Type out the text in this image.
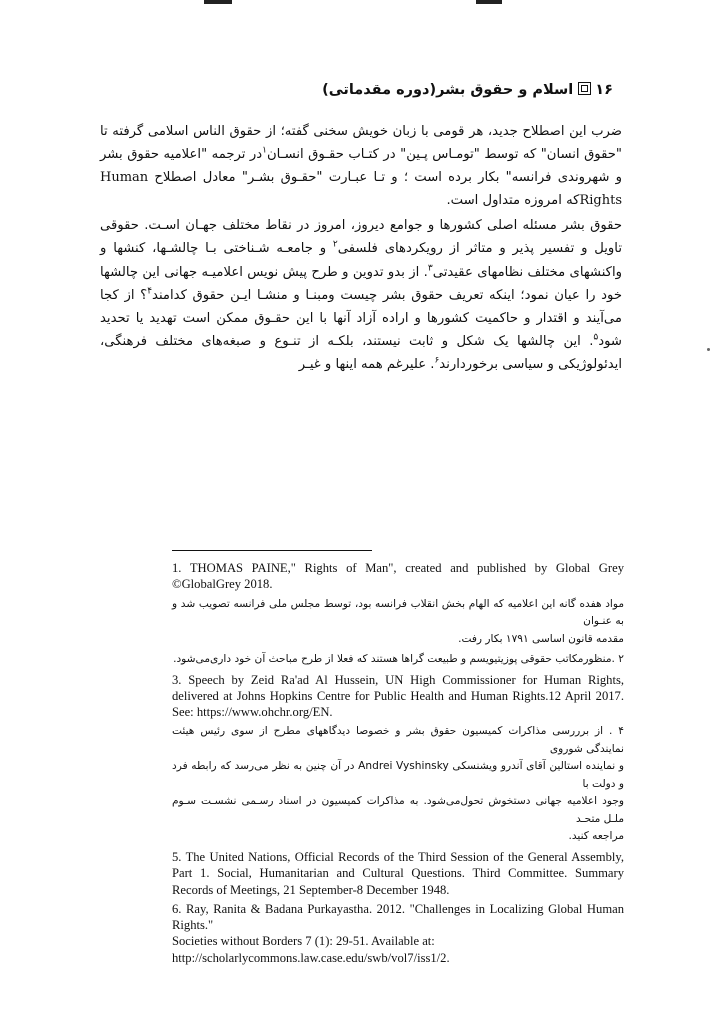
۱۶اسلام و حقوق بشر(دوره مقدماتی)

ضرب این اصطلاح جدید، هر قومی با زبان خویش سخنی گفته؛ از حقوق الناس اسلامی گرفته تا "حقوق انسان" که توسط "تومـاس پـین" در کتـاب حقـوق انسـان$^۱$در ترجمه "اعلامیه حقوق بشر و شهروندی فرانسه" بکار برده است ؛ و تـا عبـارت "حقـوق بشـر" معادل اصطلاح Human Rightsکه امروزه متداول است.

حقوق بشر مسئله اصلی کشورها و جوامع دیروز، امروز در نقاط مختلف جهـان اسـت. حقوقی تاویل و تفسیر پذیر و متاثر از رویکردهای فلسفی$^۲$ و جامعـه شـناختی بـا چالشـها، کنشها و واکنشهای مختلف نظامهای عقیدتی$^۳$. از بدو تدوین و طرح پیش نویس اعلامیـه جهانی این چالشها خود را عیان نمود؛ اینکه تعریف حقوق بشر چیست ومبنـا و منشـا ایـن حقوق کدامند$^۴$؟ از کجا می‌آیند و اقتدار و حاکمیت کشورها و اراده آزاد آنها با این حقـوق ممکن است تهدید یا تحدید شود$^۵$. این چالشها یک شکل و ثابت نیستند، بلکـه از تنـوع و صبغه‌های مختلف فرهنگی، ایدئولوژیکی و سیاسی برخوردارند$^۶$. علیرغم همه اینها و غیـر

1. THOMAS PAINE," Rights of Man", created and published by Global Grey ©GlobalGrey 2018.

مواد هفده گانه این اعلامیه که الهام بخش انقلاب فرانسه بود، توسط مجلس ملی فرانسه تصویب شد و به عنـوان
مقدمه قانون اساسی ۱۷۹۱ بکار رفت.

۲ .منظورمکاتب حقوقی پوزیتیویسم و طبیعت گراها هستند که فعلا از طرح مباحث آن خود داری‌می‌شود.

3. Speech by Zeid Ra'ad Al Hussein, UN High Commissioner for Human Rights, delivered at Johns Hopkins Centre for Public Health and Human Rights.12 April 2017. See: https://www.ohchr.org/EN.

۴ . از برررسی مذاکرات کمیسیون حقوق بشر و خصوصا دیدگاههای مطرح از سوی رئیس هیئت نمایندگی شوروی
و نماینده استالین آقای آندرو ویشنسکی Andrei Vyshinsky در آن چنین به نظر می‌رسد که رابطه فرد و دولت با
وجود اعلامیه جهانی دستخوش تحول‌می‌شود. به مذاکرات کمیسیون در اسناد رسـمی نشسـت سـوم ملـل متحـد
مراجعه کنید.

5. The United Nations, Official Records of the Third Session of the General Assembly, Part 1. Social, Humanitarian and Cultural Questions. Third Committee. Summary Records of Meetings, 21 September-8 December 1948.

6. Ray, Ranita & Badana Purkayastha. 2012. "Challenges in Localizing Global Human Rights."
Societies without Borders 7 (1): 29-51. Available at:
http://scholarlycommons.law.case.edu/swb/vol7/iss1/2.
